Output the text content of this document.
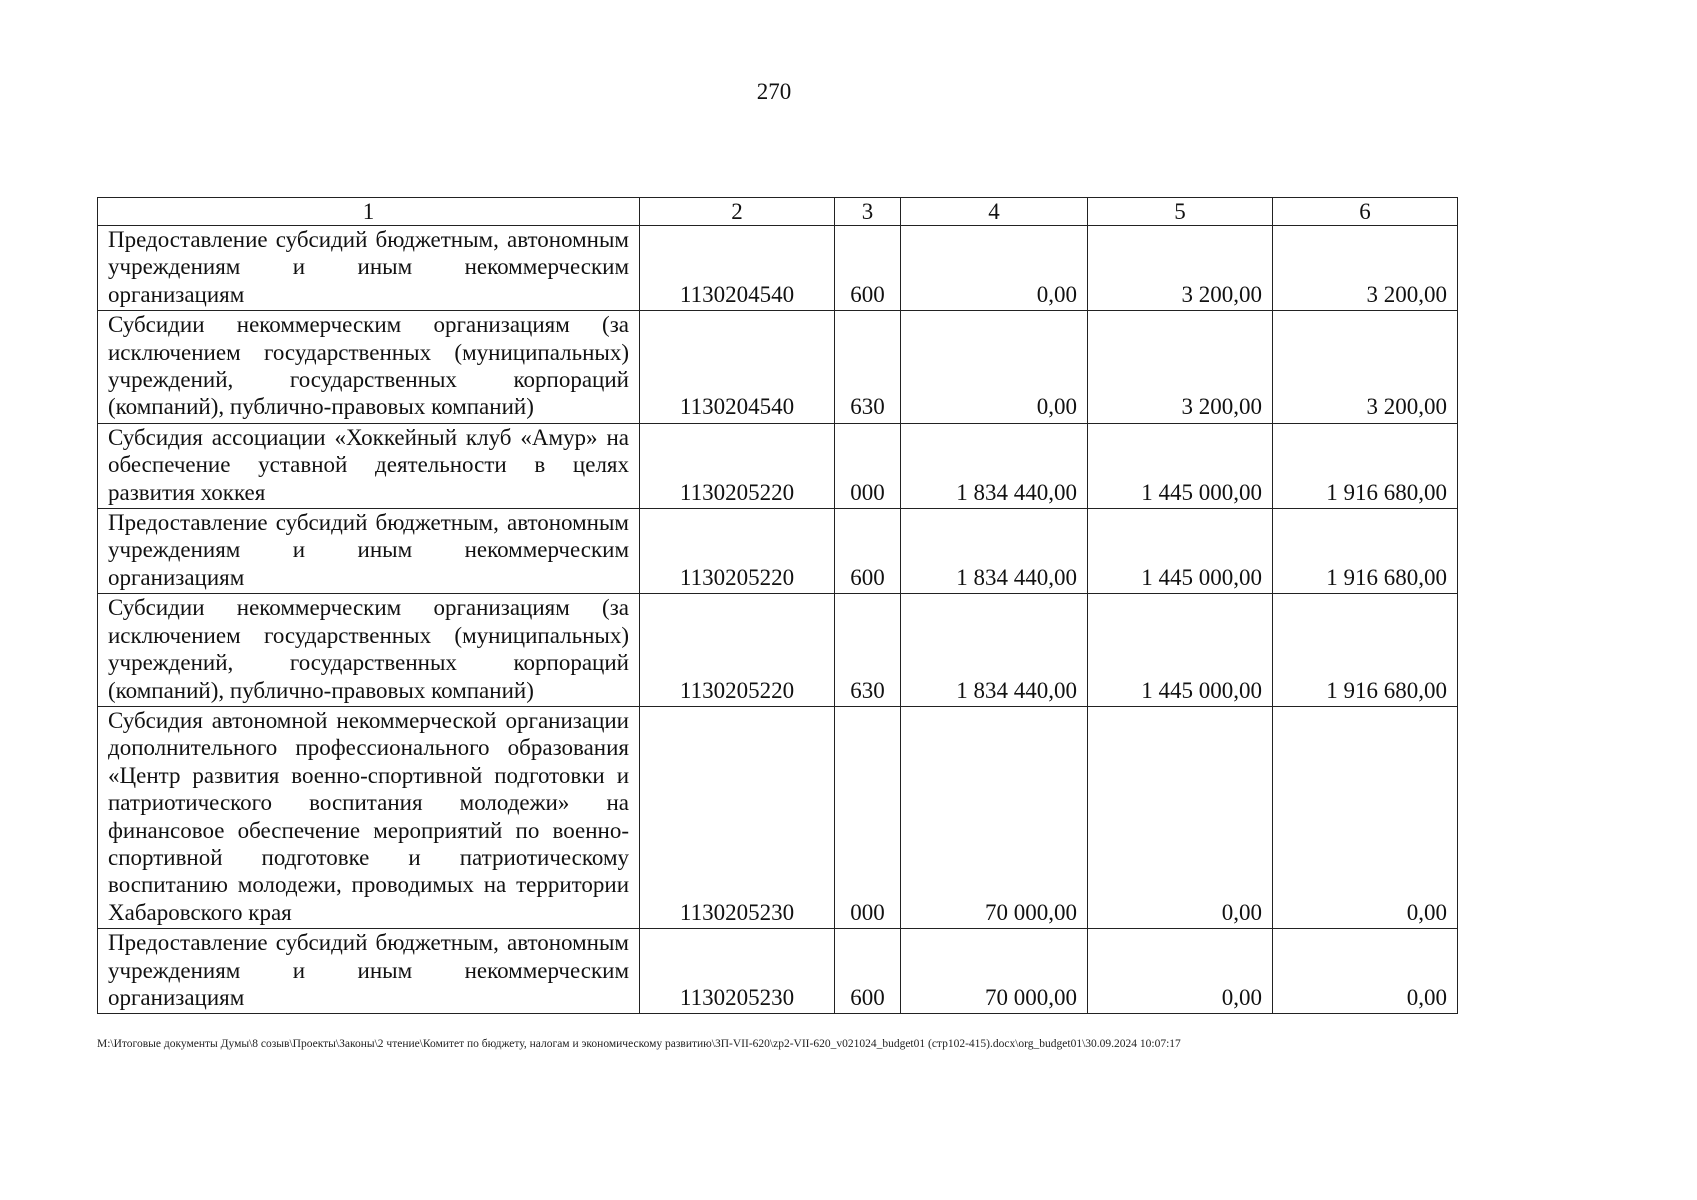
270
1	2	3	4	5	6
Предоставление субсидий бюджетным, автономным учреждениям и иным некоммерческим организациям	1130204540	600	0,00	3 200,00	3 200,00
Субсидии некоммерческим организациям (за исключением государственных (муниципальных) учреждений, государственных корпораций (компаний), публично-правовых компаний)	1130204540	630	0,00	3 200,00	3 200,00
Субсидия ассоциации «Хоккейный клуб «Амур» на обеспечение уставной деятельности в целях развития хоккея	1130205220	000	1 834 440,00	1 445 000,00	1 916 680,00
Предоставление субсидий бюджетным, автономным учреждениям и иным некоммерческим организациям	1130205220	600	1 834 440,00	1 445 000,00	1 916 680,00
Субсидии некоммерческим организациям (за исключением государственных (муниципальных) учреждений, государственных корпораций (компаний), публично-правовых компаний)	1130205220	630	1 834 440,00	1 445 000,00	1 916 680,00
Субсидия автономной некоммерческой организации дополнительного профессионального образования «Центр развития военно-спортивной подготовки и патриотического воспитания молодежи» на финансовое обеспечение мероприятий по военно-спортивной подготовке и патриотическому воспитанию молодежи, проводимых на территории Хабаровского края	1130205230	000	70 000,00	0,00	0,00
Предоставление субсидий бюджетным, автономным учреждениям и иным некоммерческим организациям	1130205230	600	70 000,00	0,00	0,00
M:\Итоговые документы Думы\8 созыв\Проекты\Законы\2 чтение\Комитет по бюджету, налогам и экономическому развитию\ЗП-VII-620\zp2-VII-620_v021024_budget01 (стр102-415).docx\org_budget01\30.09.2024 10:07:17
